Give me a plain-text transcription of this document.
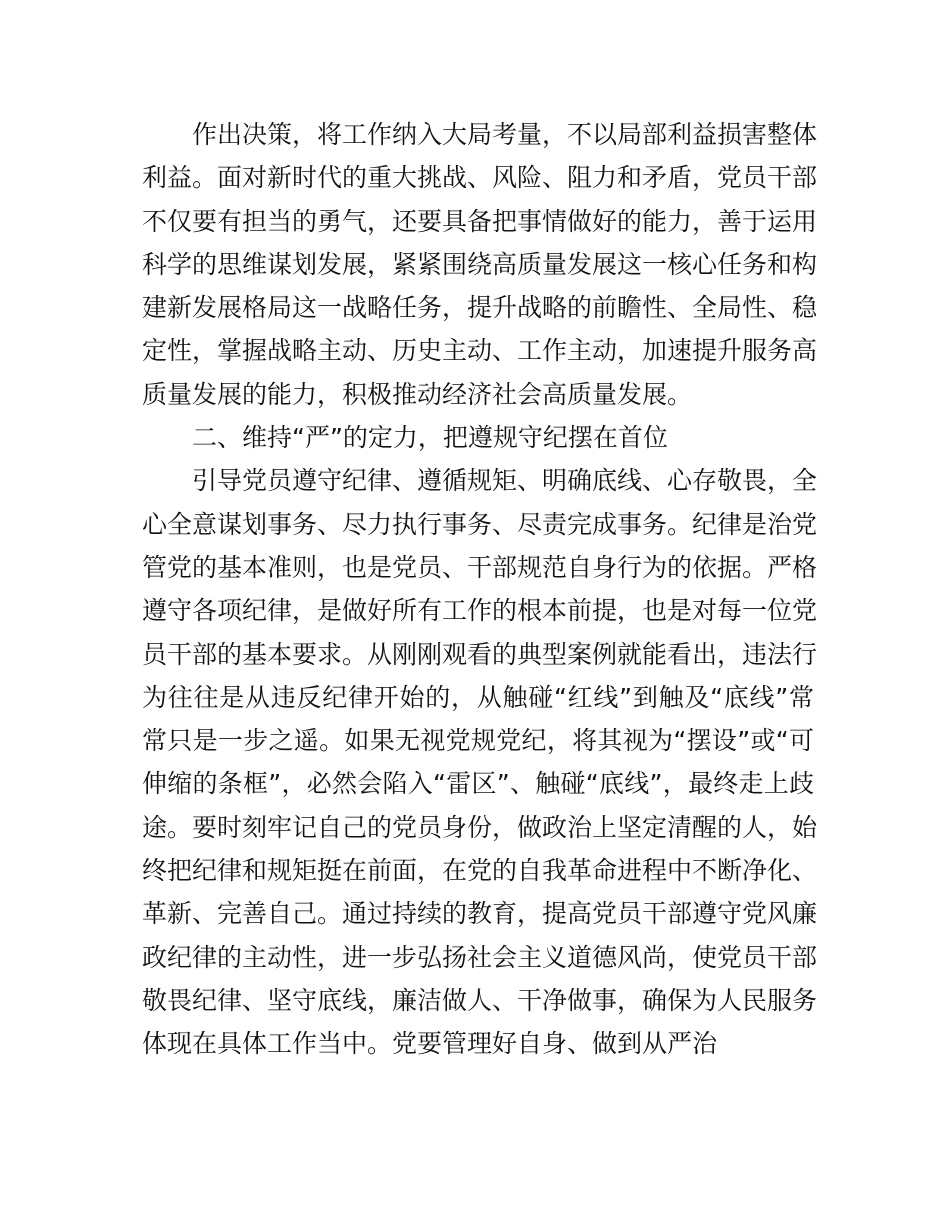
作出决策，将工作纳入大局考量，不以局部利益损害整体
利益。面对新时代的重大挑战、风险、阻力和矛盾，党员干部
不仅要有担当的勇气，还要具备把事情做好的能力，善于运用
科学的思维谋划发展，紧紧围绕高质量发展这一核心任务和构
建新发展格局这一战略任务，提升战略的前瞻性、全局性、稳
定性，掌握战略主动、历史主动、工作主动，加速提升服务高
质量发展的能力，积极推动经济社会高质量发展。
二、维持“严”的定力，把遵规守纪摆在首位
引导党员遵守纪律、遵循规矩、明确底线、心存敬畏，全
心全意谋划事务、尽力执行事务、尽责完成事务。纪律是治党
管党的基本准则，也是党员、干部规范自身行为的依据。严格
遵守各项纪律，是做好所有工作的根本前提，也是对每一位党
员干部的基本要求。从刚刚观看的典型案例就能看出，违法行
为往往是从违反纪律开始的，从触碰“红线”到触及“底线”常
常只是一步之遥。如果无视党规党纪，将其视为“摆设”或“可
伸缩的条框”，必然会陷入“雷区”、触碰“底线”，最终走上歧
途。要时刻牢记自己的党员身份，做政治上坚定清醒的人，始
终把纪律和规矩挺在前面，在党的自我革命进程中不断净化、
革新、完善自己。通过持续的教育，提高党员干部遵守党风廉
政纪律的主动性，进一步弘扬社会主义道德风尚，使党员干部
敬畏纪律、坚守底线，廉洁做人、干净做事，确保为人民服务
体现在具体工作当中。党要管理好自身、做到从严治
